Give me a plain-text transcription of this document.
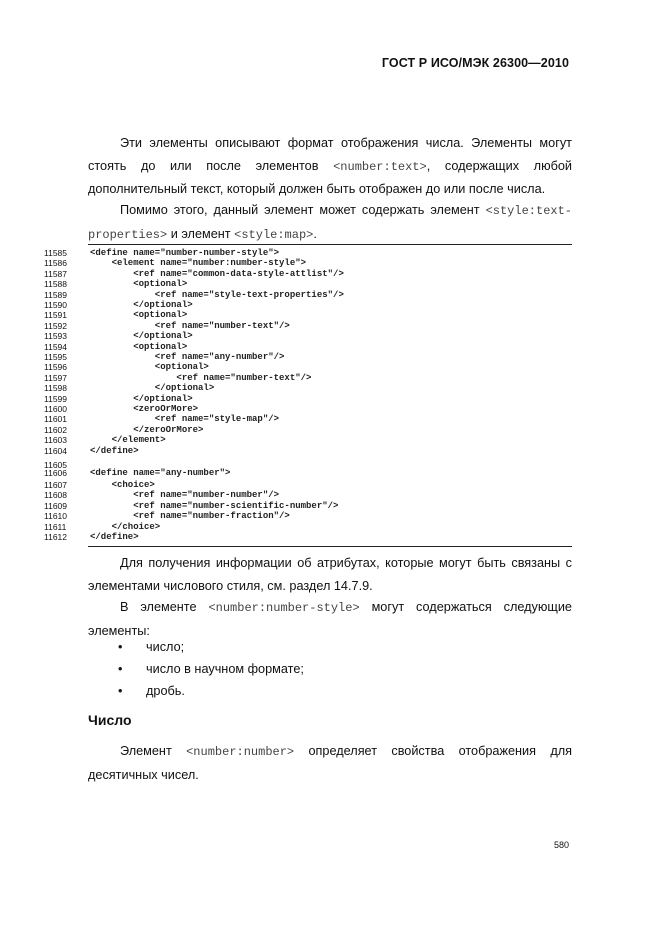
ГОСТ Р ИСО/МЭК 26300—2010
Эти элементы описывают формат отображения числа. Элементы могут стоять до или после элементов <number:text>, содержащих любой дополнительный текст, который должен быть отображен до или после числа.
Помимо этого, данный элемент может содержать элемент <style:text-properties> и элемент <style:map>.
11585	<define name="number-number-style">
11586	<element name="number:number-style">
11587	<ref name="common-data-style-attlist"/>
11588	<optional>
11589	<ref name="style-text-properties"/>
11590	</optional>
11591	<optional>
11592	<ref name="number-text"/>
11593	</optional>
11594	<optional>
11595	<ref name="any-number"/>
11596	<optional>
11597	<ref name="number-text"/>
11598	</optional>
11599	</optional>
11600	<zeroOrMore>
11601	<ref name="style-map"/>
11602	</zeroOrMore>
11603	</element>
11604	</define>
11605
11606	<define name="any-number">
11607	<choice>
11608	<ref name="number-number"/>
11609	<ref name="number-scientific-number"/>
11610	<ref name="number-fraction"/>
11611	</choice>
11612	</define>
Для получения информации об атрибутах, которые могут быть связаны с элементами числового стиля, см. раздел 14.7.9.
В элементе <number:number-style> могут содержаться следующие элементы:
• число;
• число в научном формате;
• дробь.
Число
Элемент <number:number> определяет свойства отображения для десятичных чисел.
580
